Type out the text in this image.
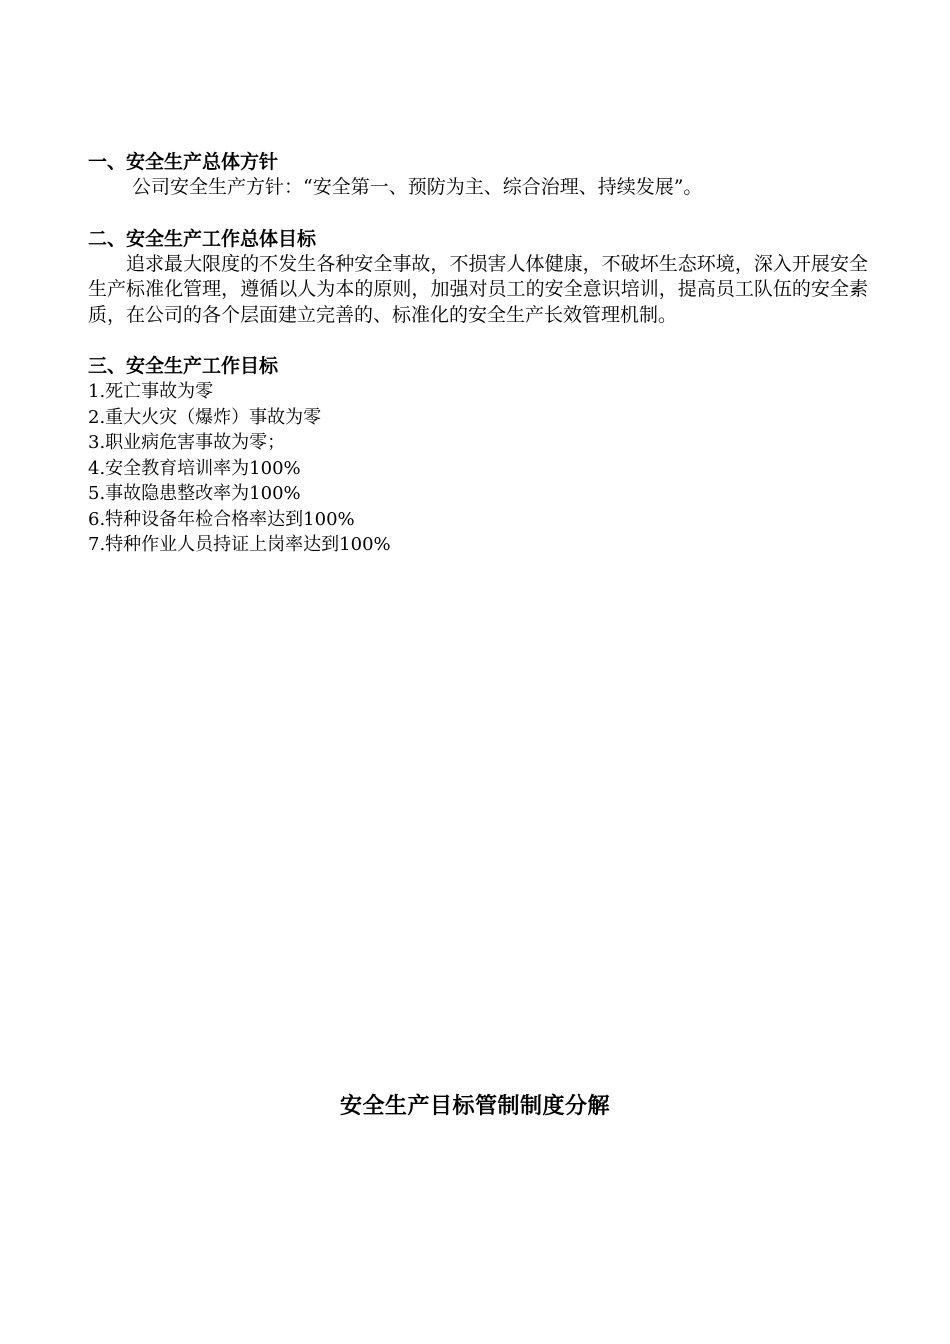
一、安全生产总体方针

公司安全生产方针：“安全第一、预防为主、综合治理、持续发展”。

二、安全生产工作总体目标

追求最大限度的不发生各种安全事故，不损害人体健康，不破坏生态环境，深入开展安全生产标准化管理，遵循以人为本的原则，加强对员工的安全意识培训，提高员工队伍的安全素质，在公司的各个层面建立完善的、标准化的安全生产长效管理机制。

三、安全生产工作目标
1.死亡事故为零
2.重大火灾（爆炸）事故为零
3.职业病危害事故为零；
4.安全教育培训率为100%
5.事故隐患整改率为100%
6.特种设备年检合格率达到100%
7.特种作业人员持证上岗率达到100%
安全生产目标管制制度分解
